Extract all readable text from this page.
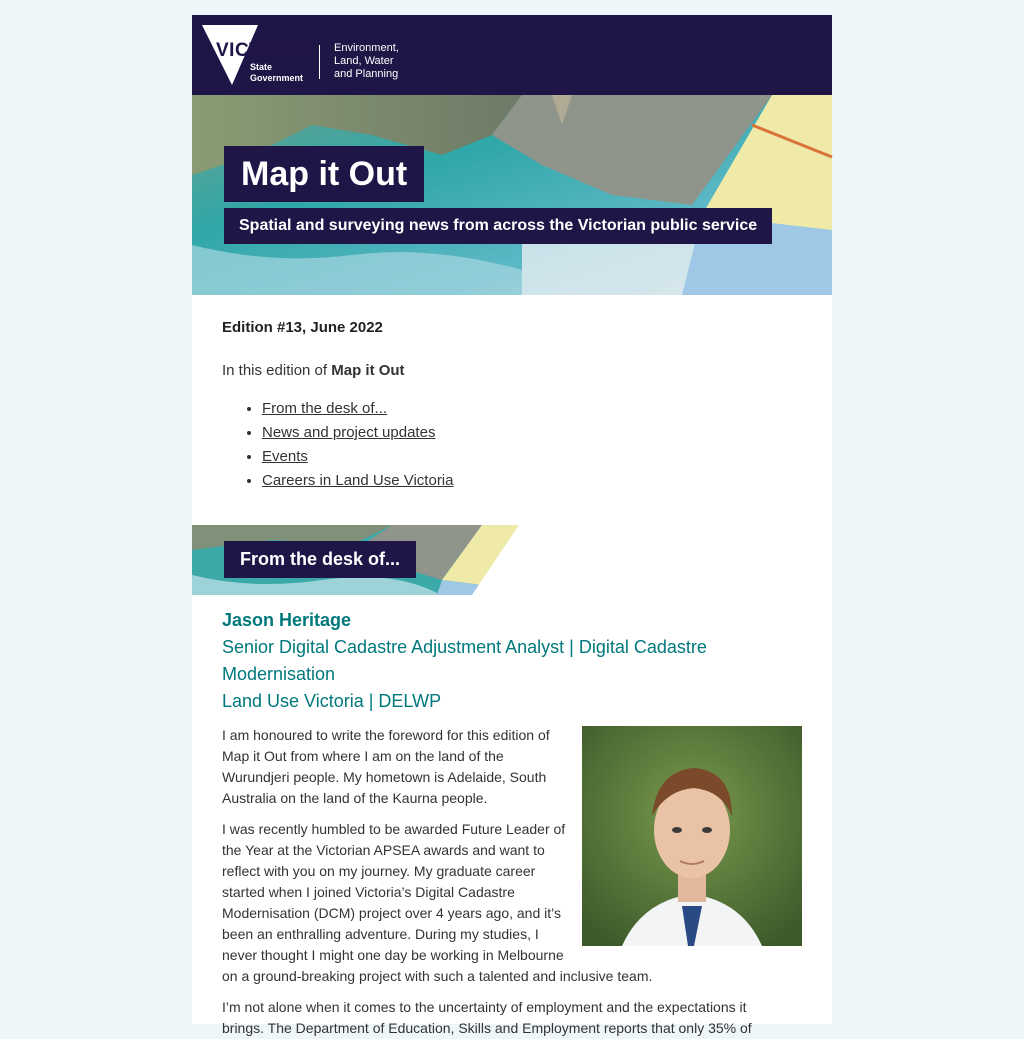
VICTORIA
State
Government
Environment,
Land, Water
and Planning
Map it Out
Spatial and surveying news from across the Victorian public service

Edition #13, June 2022

In this edition of Map it Out

• From the desk of...
• News and project updates
• Events
• Careers in Land Use Victoria
From the desk of...
Jason Heritage
Senior Digital Cadastre Adjustment Analyst | Digital Cadastre Modernisation
Land Use Victoria | DELWP

I am honoured to write the foreword for this edition of Map it Out from where I am on the land of the Wurundjeri people. My hometown is Adelaide, South Australia on the land of the Kaurna people.

I was recently humbled to be awarded Future Leader of the Year at the Victorian APSEA awards and want to reflect with you on my journey. My graduate career started when I joined Victoria’s Digital Cadastre Modernisation (DCM) project over 4 years ago, and it’s been an enthralling adventure. During my studies, I never thought I might one day be working in Melbourne on a ground-breaking project with such a talented and inclusive team.

I’m not alone when it comes to the uncertainty of employment and the expectations it brings. The Department of Education, Skills and Employment reports that only 35% of
